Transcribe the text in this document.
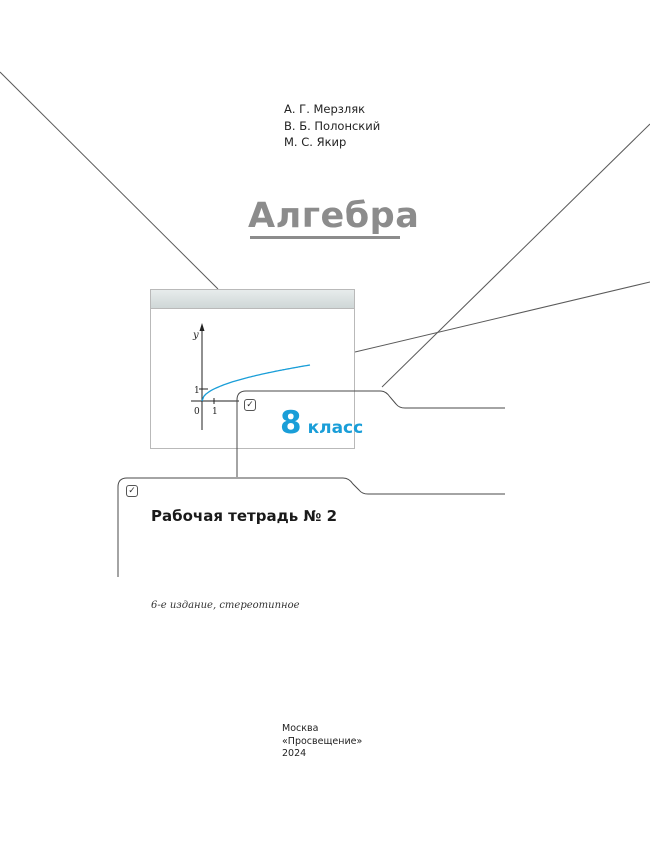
А. Г. Мерзляк
В. Б. Полонский
М. С. Якир
Алгебра
y
0 1
1
✓
✓
8 класс
Рабочая тетрадь № 2
6-е издание, стереотипное
Москва
«Просвещение»
2024
